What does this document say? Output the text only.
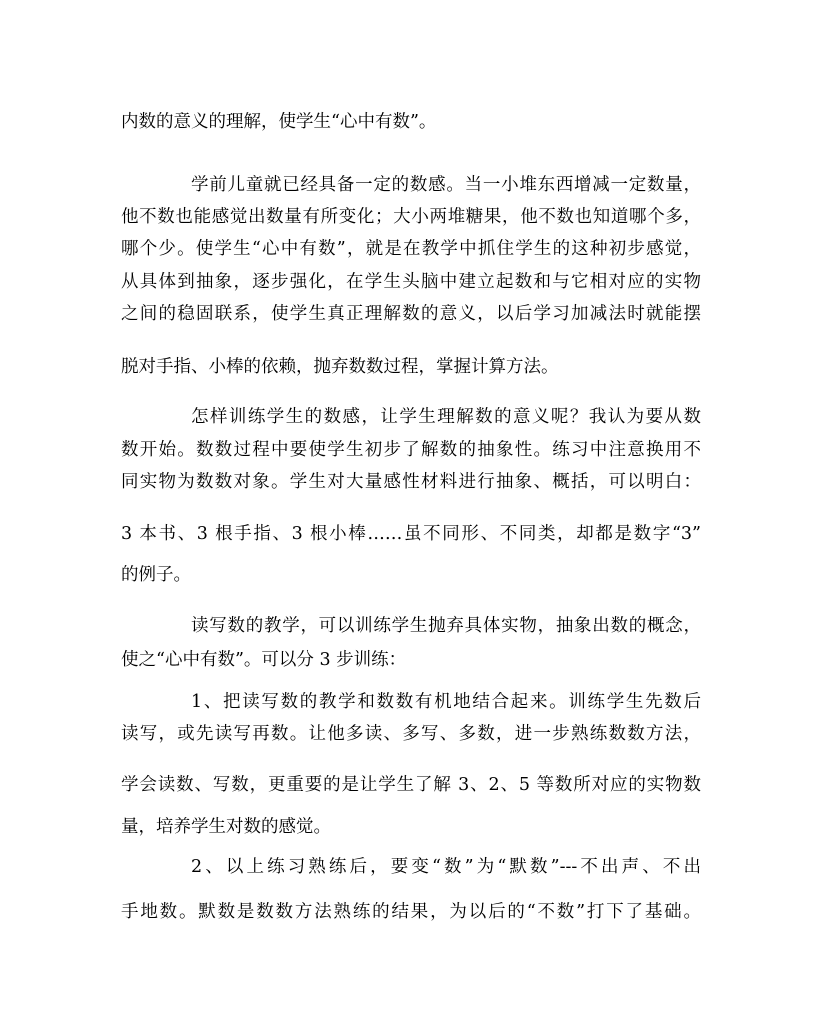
内数的意义的理解，使学生“心中有数”。
学前儿童就已经具备一定的数感。当一小堆东西增减一定数量，
他不数也能感觉出数量有所变化；大小两堆糖果，他不数也知道哪个多，
哪个少。使学生“心中有数”，就是在教学中抓住学生的这种初步感觉，
从具体到抽象，逐步强化，在学生头脑中建立起数和与它相对应的实物
之间的稳固联系，使学生真正理解数的意义，以后学习加减法时就能摆
脱对手指、小棒的依赖，抛弃数数过程，掌握计算方法。
怎样训练学生的数感，让学生理解数的意义呢？我认为要从数
数开始。数数过程中要使学生初步了解数的抽象性。练习中注意换用不
同实物为数数对象。学生对大量感性材料进行抽象、概括，可以明白：
3 本书、3 根手指、3 根小棒……虽不同形、不同类，却都是数字“3”
的例子。
读写数的教学，可以训练学生抛弃具体实物，抽象出数的概念，
使之“心中有数”。可以分 3 步训练：
1、把读写数的教学和数数有机地结合起来。训练学生先数后
读写，或先读写再数。让他多读、多写、多数，进一步熟练数数方法，
学会读数、写数，更重要的是让学生了解 3、2、5 等数所对应的实物数
量，培养学生对数的感觉。
2、以上练习熟练后，要变“数”为“默数”---不出声、不出
手地数。默数是数数方法熟练的结果，为以后的“不数”打下了基础。
